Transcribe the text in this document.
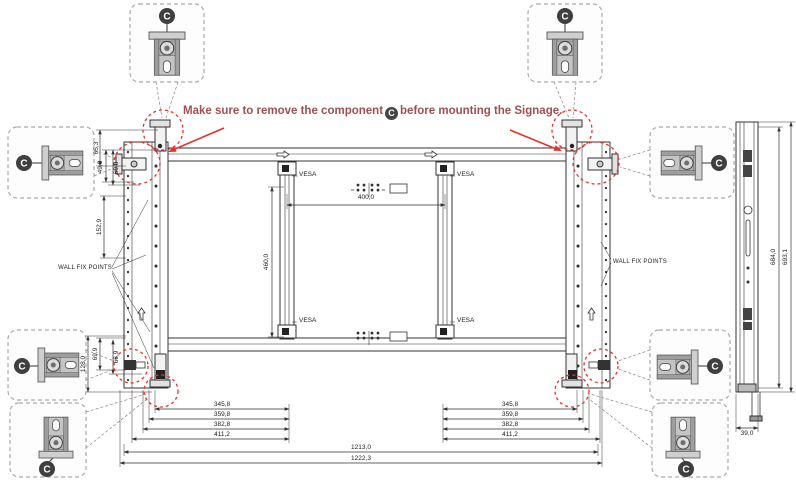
C	C
C	C
C	C
C	C
Make sure to remove the component C before mounting the Signage.
WALL FIX POINTS
WALL FIX POINTS
VESA	VESA
VESA	VESA
65,3
49,0	60,8
152,9
69,9	66,9
128,0
460,0	684,0 693,1
400,0
345,8
359,8
382,8
411,2
345,8
359,8
382,8
411,2
1213,0
1222,3
39,0
